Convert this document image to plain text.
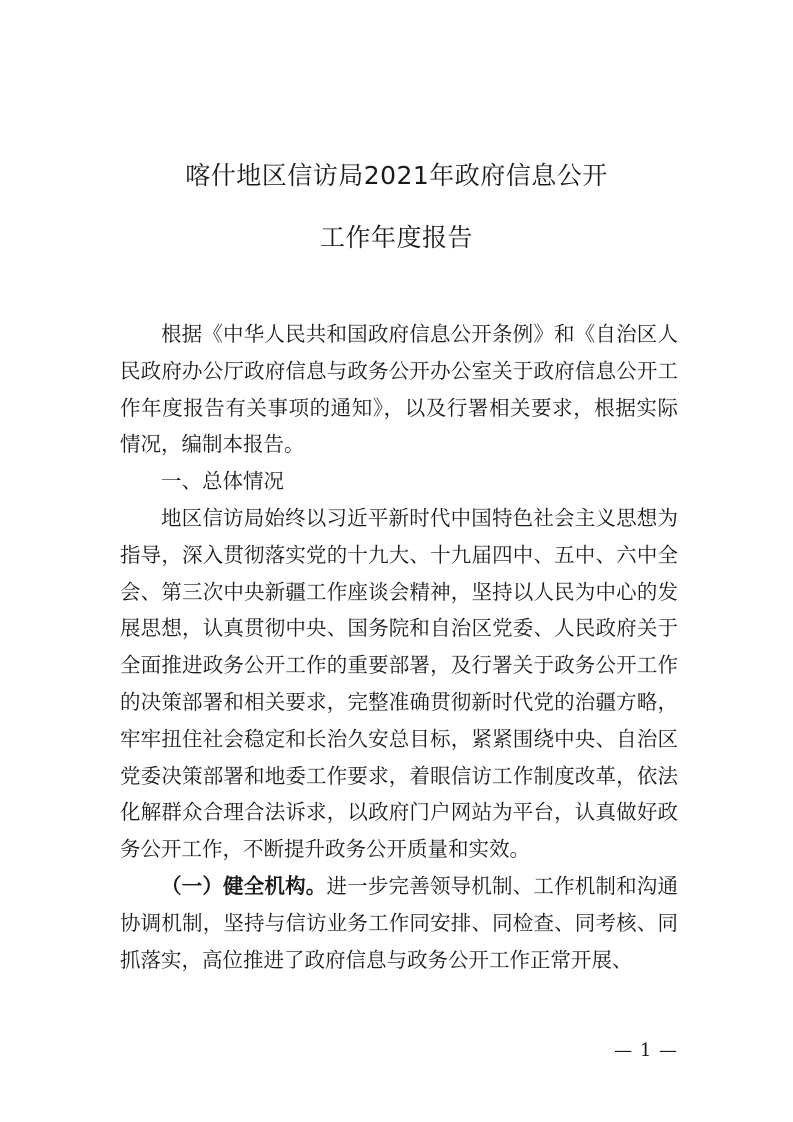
喀什地区信访局2021年政府信息公开
工作年度报告

根据《中华人民共和国政府信息公开条例》和《自治区人民政府办公厅政府信息与政务公开办公室关于政府信息公开工作年度报告有关事项的通知》，以及行署相关要求，根据实际情况，编制本报告。

一、总体情况

地区信访局始终以习近平新时代中国特色社会主义思想为指导，深入贯彻落实党的十九大、十九届四中、五中、六中全会、第三次中央新疆工作座谈会精神，坚持以人民为中心的发展思想，认真贯彻中央、国务院和自治区党委、人民政府关于全面推进政务公开工作的重要部署，及行署关于政务公开工作的决策部署和相关要求，完整准确贯彻新时代党的治疆方略，牢牢扭住社会稳定和长治久安总目标，紧紧围绕中央、自治区党委决策部署和地委工作要求，着眼信访工作制度改革，依法化解群众合理合法诉求，以政府门户网站为平台，认真做好政务公开工作，不断提升政务公开质量和实效。

（一）健全机构。进一步完善领导机制、工作机制和沟通协调机制，坚持与信访业务工作同安排、同检查、同考核、同抓落实，高位推进了政府信息与政务公开工作正常开展、

— 1 —
